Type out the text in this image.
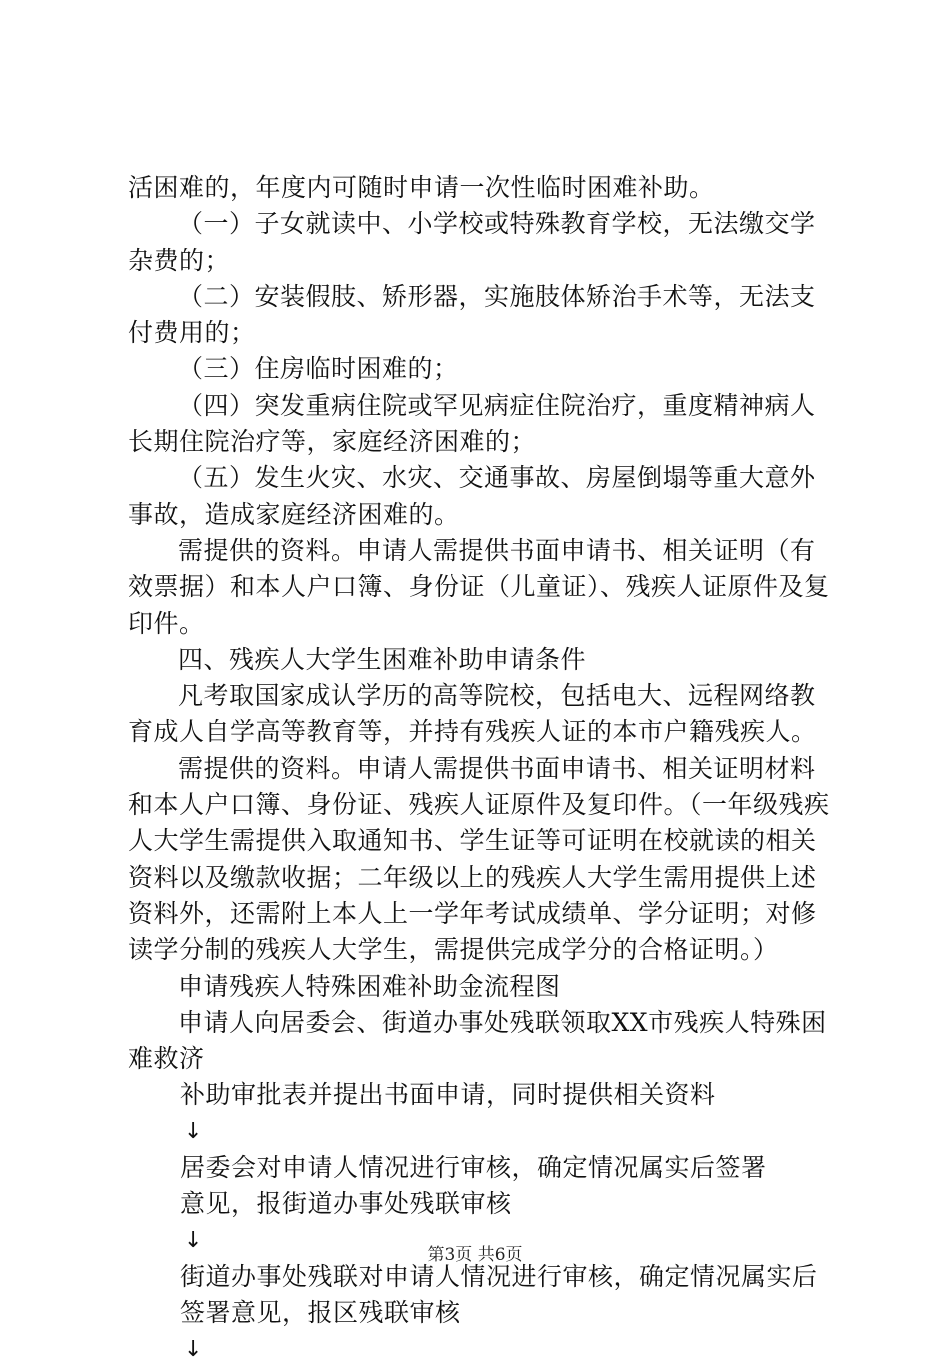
活困难的，年度内可随时申请一次性临时困难补助。

（一）子女就读中、小学校或特殊教育学校，无法缴交学杂费的；

（二）安装假肢、矫形器，实施肢体矫治手术等，无法支付费用的；

（三）住房临时困难的；

（四）突发重病住院或罕见病症住院治疗，重度精神病人长期住院治疗等，家庭经济困难的；

（五）发生火灾、水灾、交通事故、房屋倒塌等重大意外事故，造成家庭经济困难的。

需提供的资料。申请人需提供书面申请书、相关证明（有效票据）和本人户口簿、身份证（儿童证）、残疾人证原件及复印件。

四、残疾人大学生困难补助申请条件

凡考取国家成认学历的高等院校，包括电大、远程网络教育成人自学高等教育等，并持有残疾人证的本市户籍残疾人。

需提供的资料。申请人需提供书面申请书、相关证明材料和本人户口簿、身份证、残疾人证原件及复印件。（一年级残疾人大学生需提供入取通知书、学生证等可证明在校就读的相关资料以及缴款收据；二年级以上的残疾人大学生需用提供上述资料外，还需附上本人上一学年考试成绩单、学分证明；对修读学分制的残疾人大学生，需提供完成学分的合格证明。）

申请残疾人特殊困难补助金流程图

申请人向居委会、街道办事处残联领取XX市残疾人特殊困难救济

补助审批表并提出书面申请，同时提供相关资料

↓

居委会对申请人情况进行审核，确定情况属实后签署

意见，报街道办事处残联审核

↓

街道办事处残联对申请人情况进行审核，确定情况属实后

签署意见，报区残联审核

↓

第3页 共6页
